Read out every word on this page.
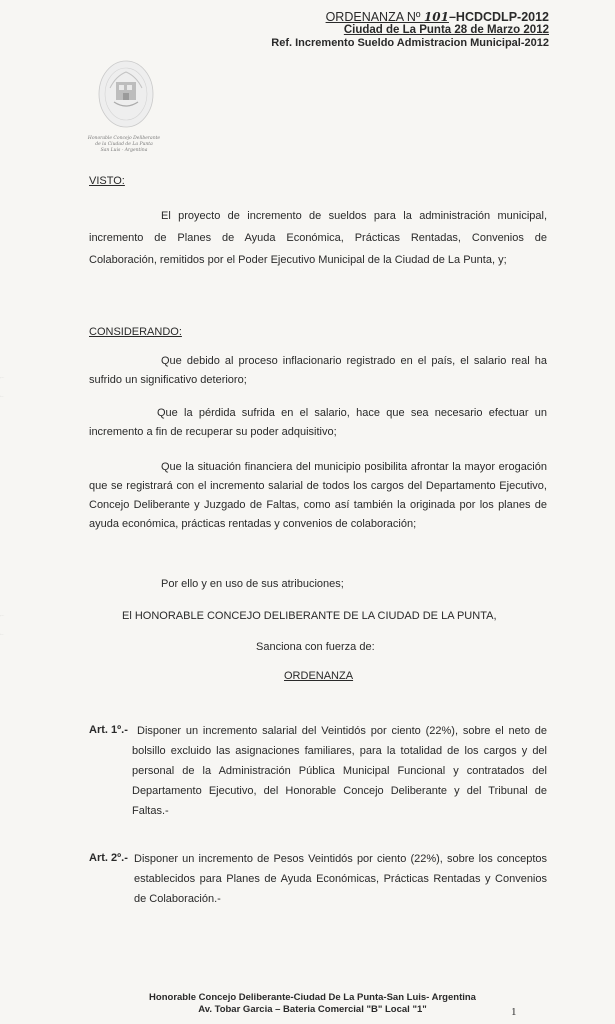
ORDENANZA Nº 101–HCDCDLP-2012
Ciudad de La Punta 28 de Marzo 2012
Ref. Incremento Sueldo Admistracion Municipal-2012
Honorable Concejo Deliberante
de la Ciudad de La Punta
San Luis - Argentina
VISTO:
El proyecto de incremento de sueldos para la administración municipal, incremento de Planes de Ayuda Económica, Prácticas Rentadas, Convenios de Colaboración, remitidos por el Poder Ejecutivo Municipal de la Ciudad de La Punta, y;
CONSIDERANDO:
Que debido al proceso inflacionario registrado en el país, el salario real ha sufrido un significativo deterioro;
Que la pérdida sufrida en el salario, hace que sea necesario efectuar un incremento a fin de recuperar su poder adquisitivo;
Que la situación financiera del municipio posibilita afrontar la mayor erogación que se registrará con el incremento salarial de todos los cargos del Departamento Ejecutivo, Concejo Deliberante y Juzgado de Faltas, como así también la originada por los planes de ayuda económica, prácticas rentadas y convenios de colaboración;
Por ello y en uso de sus atribuciones;
El HONORABLE CONCEJO DELIBERANTE DE LA CIUDAD DE LA PUNTA,
Sanciona con fuerza de:
ORDENANZA
Art. 1º.- Disponer un incremento salarial del Veintidós por ciento (22%), sobre el neto de bolsillo excluido las asignaciones familiares, para la totalidad de los cargos y del personal de la Administración Pública Municipal Funcional y contratados del Departamento Ejecutivo, del Honorable Concejo Deliberante y del Tribunal de Faltas.-
Art. 2º.- Disponer un incremento de Pesos Veintidós por ciento (22%), sobre los conceptos establecidos para Planes de Ayuda Económicas, Prácticas Rentadas y Convenios de Colaboración.-
Honorable Concejo Deliberante-Ciudad De La Punta-San Luis- Argentina
Av. Tobar Garcia – Bateria Comercial "B" Local "1"	1
